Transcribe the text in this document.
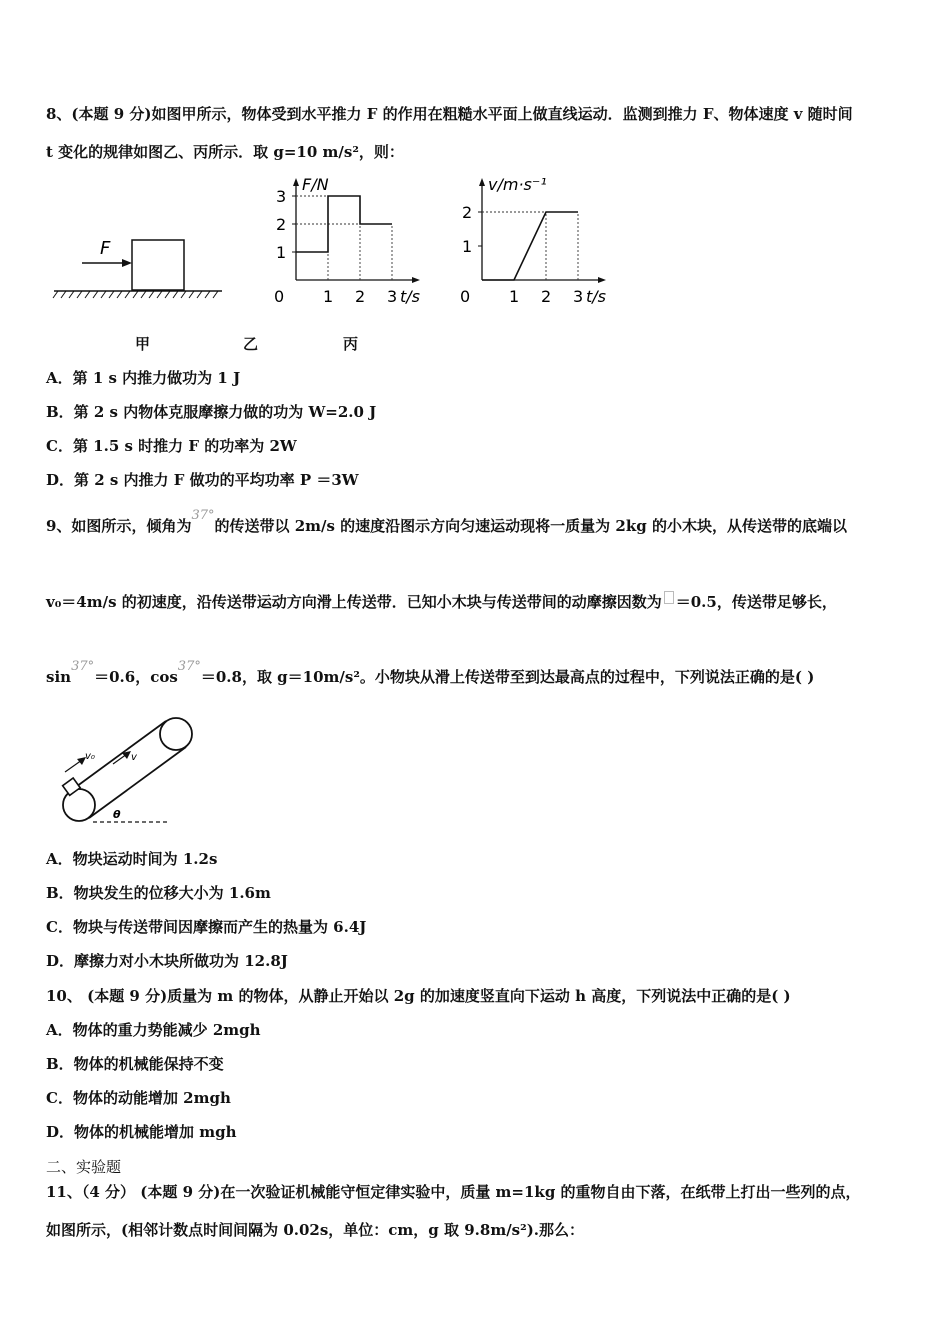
8、(本题 9 分)如图甲所示，物体受到水平推力 F 的作用在粗糙水平面上做直线运动．监测到推力 F、物体速度 v 随时间
t 变化的规律如图乙、丙所示．取 g=10 m/s²，则：
F
F/N
t/s
0 1 2 3
1
2
3
v/m·s⁻¹
t/s
0 1 2 3
1
2
甲	乙	丙
A．第 1 s 内推力做功为 1 J
B．第 2 s 内物体克服摩擦力做的功为 W=2.0 J
C．第 1.5 s 时推力 F 的功率为 2W
D．第 2 s 内推力 F 做功的平均功率 P ＝3W
9、如图所示，倾角为37°的传送带以 2m/s 的速度沿图示方向匀速运动现将一质量为 2kg 的小木块，从传送带的底端以
v₀＝4m/s 的初速度，沿传送带运动方向滑上传送带．已知小木块与传送带间的动摩擦因数为 ＝0.5，传送带足够长，
sin37°＝0.6，cos37°＝0.8，取 g＝10m/s²。小物块从滑上传送带至到达最高点的过程中，下列说法正确的是( )
v₀	v
θ
A．物块运动时间为 1.2s
B．物块发生的位移大小为 1.6m
C．物块与传送带间因摩擦而产生的热量为 6.4J
D．摩擦力对小木块所做功为 12.8J
10、 (本题 9 分)质量为 m 的物体，从静止开始以 2g 的加速度竖直向下运动 h 高度，下列说法中正确的是( )
A．物体的重力势能减少 2mgh
B．物体的机械能保持不变
C．物体的动能增加 2mgh
D．物体的机械能增加 mgh
二、实验题
11、（4 分） (本题 9 分)在一次验证机械能守恒定律实验中，质量 m=1kg 的重物自由下落，在纸带上打出一些列的点，
如图所示，(相邻计数点时间间隔为 0.02s，单位：cm，g 取 9.8m/s²).那么：
